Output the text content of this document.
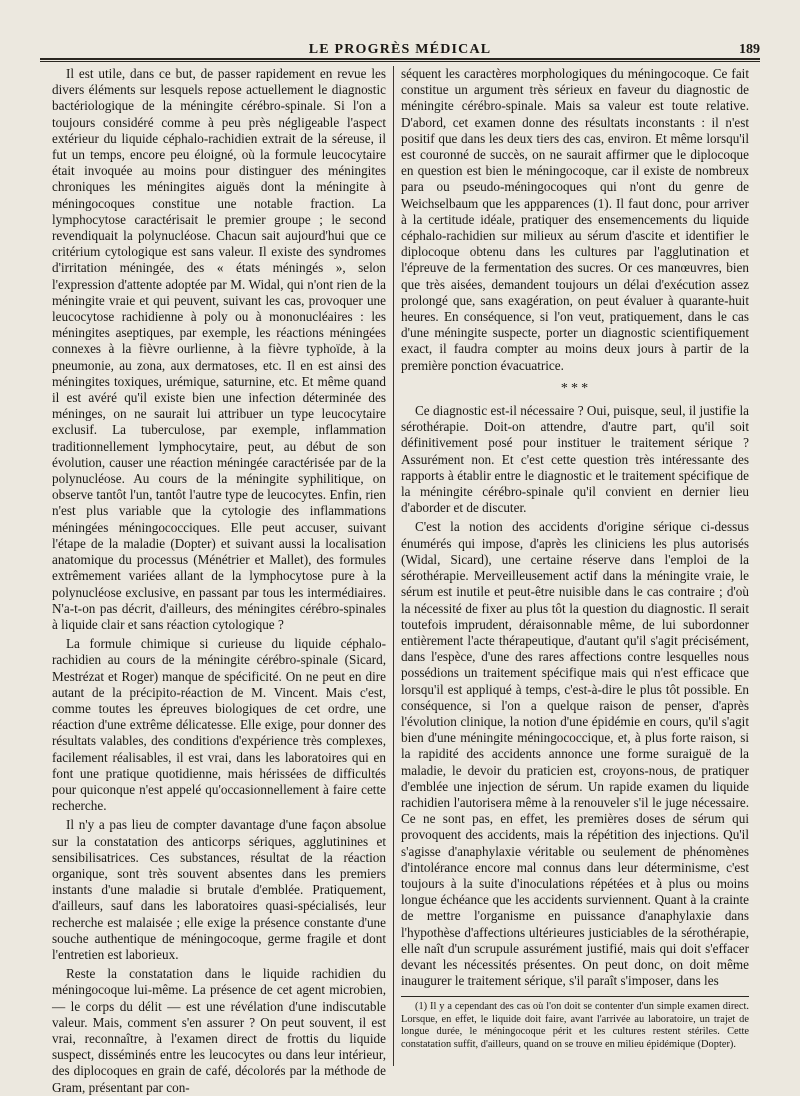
LE PROGRÈS MÉDICAL	189

Il est utile, dans ce but, de passer rapidement en revue les divers éléments sur lesquels repose actuellement le diagnostic bactériologique de la méningite cérébro-spinale. Si l'on a toujours considéré comme à peu près négligeable l'aspect extérieur du liquide céphalo-rachidien extrait de la séreuse, il fut un temps, encore peu éloigné, où la formule leucocytaire était invoquée au moins pour distinguer des méningites chroniques les méningites aiguës dont la méningite à méningocoques constitue une notable fraction. La lymphocytose caractérisait le premier groupe ; le second revendiquait la polynucléose. Chacun sait aujourd'hui que ce critérium cytologique est sans valeur. Il existe des syndromes d'irritation méningée, des « états méningés », selon l'expression d'attente adoptée par M. Widal, qui n'ont rien de la méningite vraie et qui peuvent, suivant les cas, provoquer une leucocytose rachidienne à poly ou à mononucléaires : les méningites aseptiques, par exemple, les réactions méningées connexes à la fièvre ourlienne, à la fièvre typhoïde, à la pneumonie, au zona, aux dermatoses, etc. Il en est ainsi des méningites toxiques, urémique, saturnine, etc. Et même quand il est avéré qu'il existe bien une infection déterminée des méninges, on ne saurait lui attribuer un type leucocytaire exclusif. La tuberculose, par exemple, inflammation traditionnellement lymphocytaire, peut, au début de son évolution, causer une réaction méningée caractérisée par de la polynucléose. Au cours de la méningite syphilitique, on observe tantôt l'un, tantôt l'autre type de leucocytes. Enfin, rien n'est plus variable que la cytologie des inflammations méningées méningococciques. Elle peut accuser, suivant l'étape de la maladie (Dopter) et suivant aussi la localisation anatomique du processus (Ménétrier et Mallet), des formules extrêmement variées allant de la lymphocytose pure à la polynucléose exclusive, en passant par tous les intermédiaires. N'a-t-on pas décrit, d'ailleurs, des méningites cérébro-spinales à liquide clair et sans réaction cytologique ?

La formule chimique si curieuse du liquide céphalo-rachidien au cours de la méningite cérébro-spinale (Sicard, Mestrézat et Roger) manque de spécificité. On ne peut en dire autant de la précipito-réaction de M. Vincent. Mais c'est, comme toutes les épreuves biologiques de cet ordre, une réaction d'une extrême délicatesse. Elle exige, pour donner des résultats valables, des conditions d'expérience très complexes, facilement réalisables, il est vrai, dans les laboratoires qui en font une pratique quotidienne, mais hérissées de difficultés pour quiconque n'est appelé qu'occasionnellement à faire cette recherche.

Il n'y a pas lieu de compter davantage d'une façon absolue sur la constatation des anticorps sériques, agglutinines et sensibilisatrices. Ces substances, résultat de la réaction organique, sont très souvent absentes dans les premiers instants d'une maladie si brutale d'emblée. Pratiquement, d'ailleurs, sauf dans les laboratoires quasi-spécialisés, leur recherche est malaisée ; elle exige la présence constante d'une souche authentique de méningocoque, germe fragile et dont l'entretien est laborieux.

Reste la constatation dans le liquide rachidien du méningocoque lui-même. La présence de cet agent microbien, — le corps du délit — est une révélation d'une indiscutable valeur. Mais, comment s'en assurer ? On peut souvent, il est vrai, reconnaître, à l'examen direct de frottis du liquide suspect, disséminés entre les leucocytes ou dans leur intérieur, des diplocoques en grain de café, décolorés par la méthode de Gram, présentant par con-

séquent les caractères morphologiques du méningocoque. Ce fait constitue un argument très sérieux en faveur du diagnostic de méningite cérébro-spinale. Mais sa valeur est toute relative. D'abord, cet examen donne des résultats inconstants : il n'est positif que dans les deux tiers des cas, environ. Et même lorsqu'il est couronné de succès, on ne saurait affirmer que le diplocoque en question est bien le méningocoque, car il existe de nombreux para ou pseudo-méningocoques qui n'ont du genre de Weichselbaum que les appparences (1). Il faut donc, pour arriver à la certitude idéale, pratiquer des ensemencements du liquide céphalo-rachidien sur milieux au sérum d'ascite et identifier le diplocoque obtenu dans les cultures par l'agglutination et l'épreuve de la fermentation des sucres. Or ces manœuvres, bien que très aisées, demandent toujours un délai d'exécution assez prolongé que, sans exagération, on peut évaluer à quarante-huit heures. En conséquence, si l'on veut, pratiquement, dans le cas d'une méningite suspecte, porter un diagnostic scientifiquement exact, il faudra compter au moins deux jours à partir de la première ponction évacuatrice.

* * *

Ce diagnostic est-il nécessaire ? Oui, puisque, seul, il justifie la sérothérapie. Doit-on attendre, d'autre part, qu'il soit définitivement posé pour instituer le traitement sérique ? Assurément non. Et c'est cette question très intéressante des rapports à établir entre le diagnostic et le traitement spécifique de la méningite cérébro-spinale qu'il convient en dernier lieu d'aborder et de discuter.

C'est la notion des accidents d'origine sérique ci-dessus énumérés qui impose, d'après les cliniciens les plus autorisés (Widal, Sicard), une certaine réserve dans l'emploi de la sérothérapie. Merveilleusement actif dans la méningite vraie, le sérum est inutile et peut-être nuisible dans le cas contraire ; d'où la nécessité de fixer au plus tôt la question du diagnostic. Il serait toutefois imprudent, déraisonnable même, de lui subordonner entièrement l'acte thérapeutique, d'autant qu'il s'agit précisément, dans l'espèce, d'une des rares affections contre lesquelles nous possédions un traitement spécifique mais qui n'est efficace que lorsqu'il est appliqué à temps, c'est-à-dire le plus tôt possible. En conséquence, si l'on a quelque raison de penser, d'après l'évolution clinique, la notion d'une épidémie en cours, qu'il s'agit bien d'une méningite méningococcique, et, à plus forte raison, si la rapidité des accidents annonce une forme suraiguë de la maladie, le devoir du praticien est, croyons-nous, de pratiquer d'emblée une injection de sérum. Un rapide examen du liquide rachidien l'autorisera même à la renouveler s'il le juge nécessaire. Ce ne sont pas, en effet, les premières doses de sérum qui provoquent des accidents, mais la répétition des injections. Qu'il s'agisse d'anaphylaxie véritable ou seulement de phénomènes d'intolérance encore mal connus dans leur déterminisme, c'est toujours à la suite d'inoculations répétées et à plus ou moins longue échéance que les accidents surviennent. Quant à la crainte de mettre l'organisme en puissance d'anaphylaxie dans l'hypothèse d'affections ultérieures justiciables de la sérothérapie, elle naît d'un scrupule assurément justifié, mais qui doit s'effacer devant les nécessités présentes. On peut donc, on doit même inaugurer le traitement sérique, s'il paraît s'imposer, dans les

(1) Il y a cependant des cas où l'on doit se contenter d'un simple examen direct. Lorsque, en effet, le liquide doit faire, avant l'arrivée au laboratoire, un trajet de longue durée, le méningocoque périt et les cultures restent stériles. Cette constatation suffit, d'ailleurs, quand on se trouve en milieu épidémique (Dopter).
